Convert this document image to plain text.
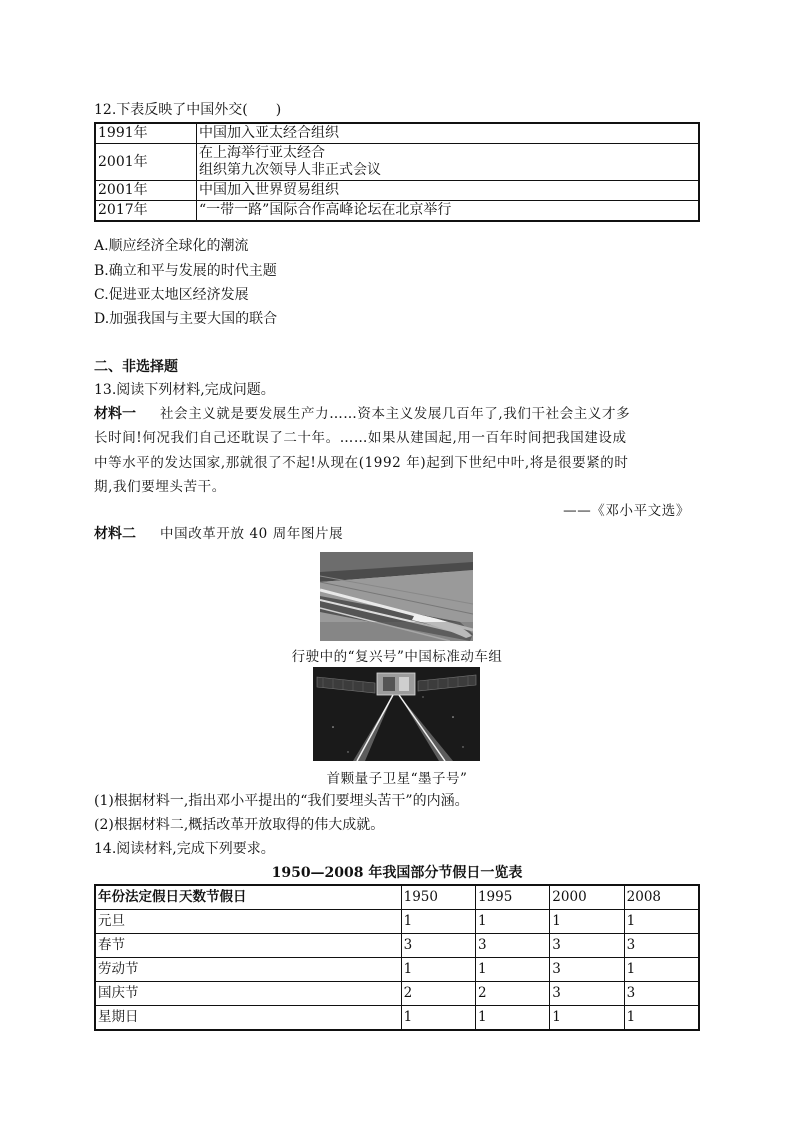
12.下表反映了中国外交(　　)
1991年	中国加入亚太经合组织
2001年	在上海举行亚太经合
组织第九次领导人非正式会议

2001年	中国加入世界贸易组织
2017年	“一带一路”国际合作高峰论坛在北京举行
A.顺应经济全球化的潮流
B.确立和平与发展的时代主题
C.促进亚太地区经济发展
D.加强我国与主要大国的联合
二、非选择题
13.阅读下列材料,完成问题。
材料一 社会主义就是要发展生产力……资本主义发展几百年了,我们干社会主义才多
长时间!何况我们自己还耽误了二十年。……如果从建国起,用一百年时间把我国建设成
中等水平的发达国家,那就很了不起!从现在(1992 年)起到下世纪中叶,将是很要紧的时
期,我们要埋头苦干。
——《邓小平文选》
材料二 中国改革开放 40 周年图片展
行驶中的“复兴号”中国标准动车组
首颗量子卫星“墨子号”
(1)根据材料一,指出邓小平提出的“我们要埋头苦干”的内涵。
(2)根据材料二,概括改革开放取得的伟大成就。
14.阅读材料,完成下列要求。
1950—2008 年我国部分节假日一览表
年份法定假日天数节假日	1950	1995	2000	2008
元旦	1	1	1	1
春节	3	3	3	3
劳动节	1	1	3	1
国庆节	2	2	3	3
星期日	1	1	1	1
